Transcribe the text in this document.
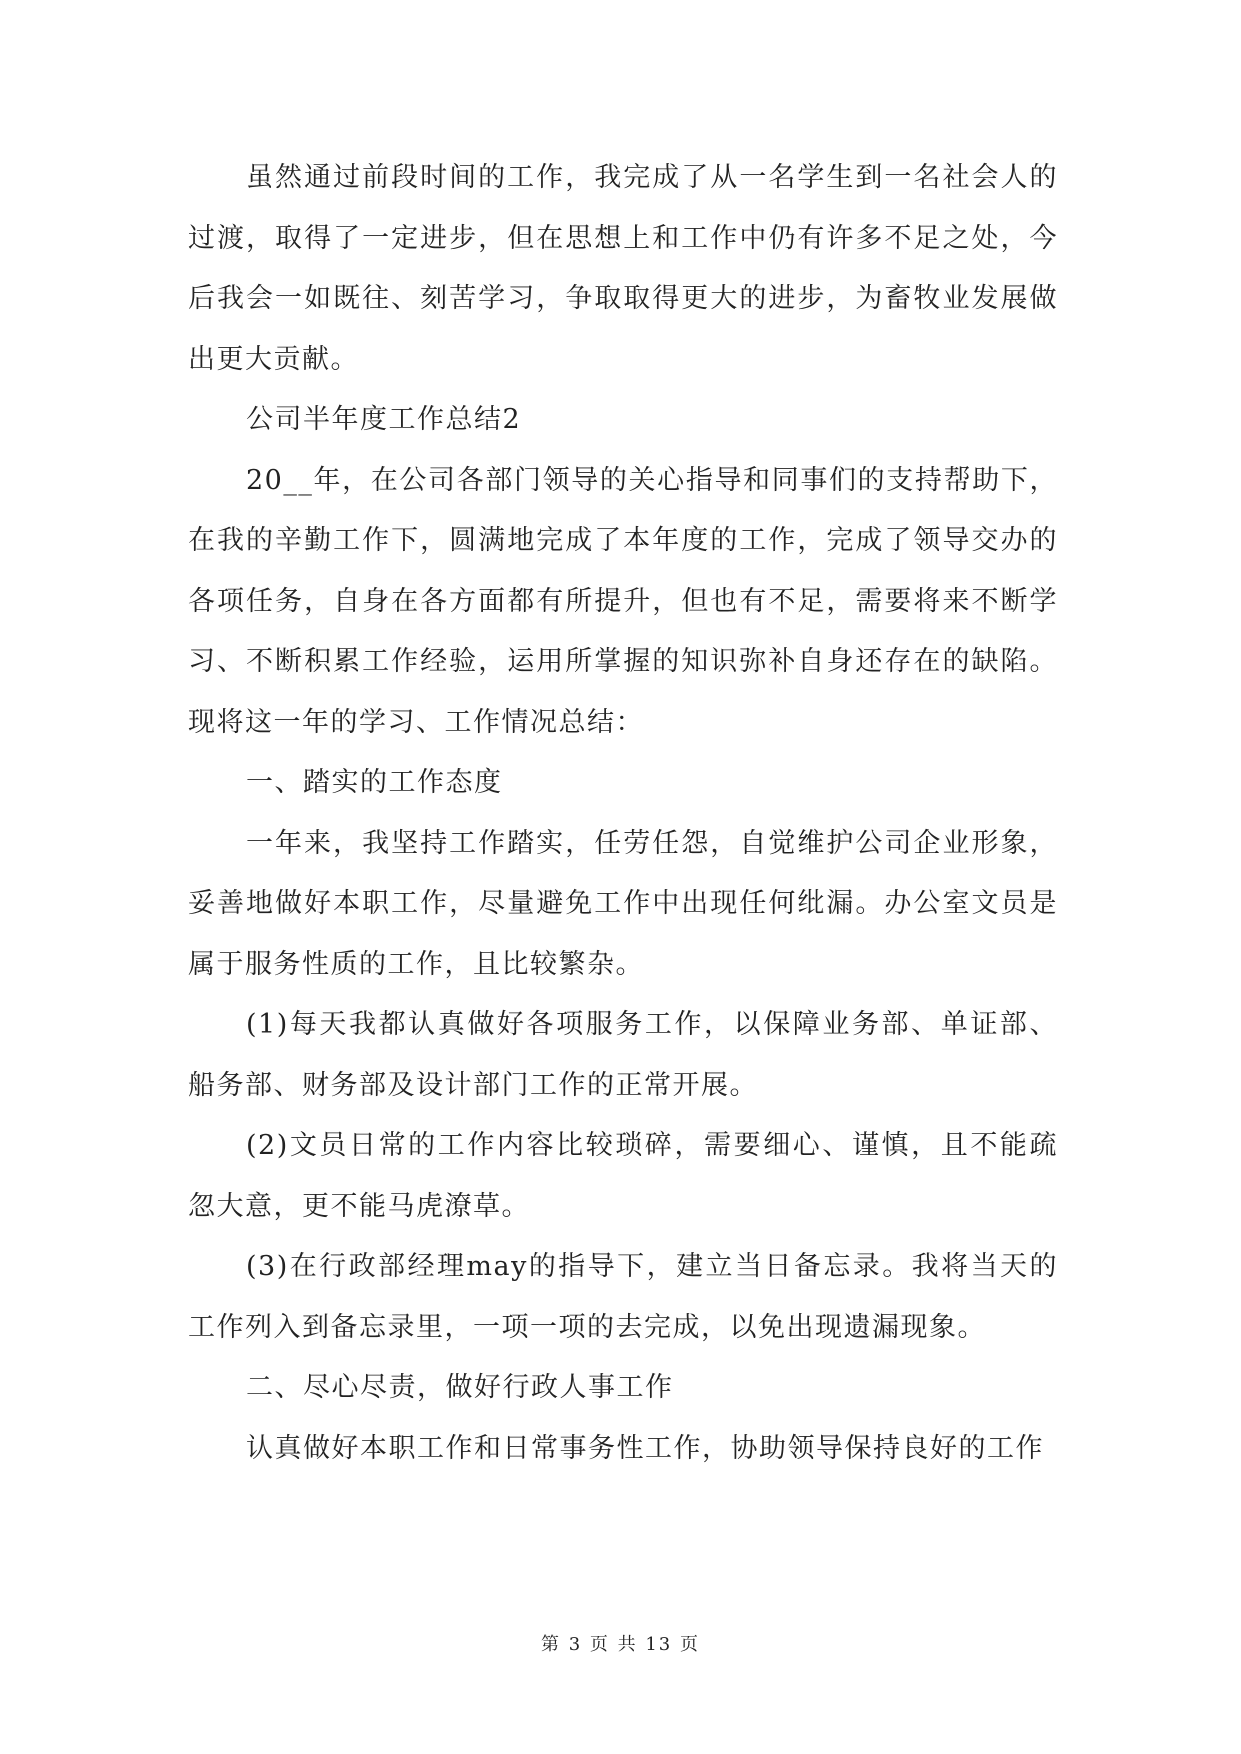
虽然通过前段时间的工作，我完成了从一名学生到一名社会人的过渡，取得了一定进步，但在思想上和工作中仍有许多不足之处，今后我会一如既往、刻苦学习，争取取得更大的进步，为畜牧业发展做出更大贡献。

公司半年度工作总结2

20__年，在公司各部门领导的关心指导和同事们的支持帮助下，在我的辛勤工作下，圆满地完成了本年度的工作，完成了领导交办的各项任务，自身在各方面都有所提升，但也有不足，需要将来不断学习、不断积累工作经验，运用所掌握的知识弥补自身还存在的缺陷。现将这一年的学习、工作情况总结：

一、踏实的工作态度

一年来，我坚持工作踏实，任劳任怨，自觉维护公司企业形象，妥善地做好本职工作，尽量避免工作中出现任何纰漏。办公室文员是属于服务性质的工作，且比较繁杂。

(1)每天我都认真做好各项服务工作，以保障业务部、单证部、船务部、财务部及设计部门工作的正常开展。

(2)文员日常的工作内容比较琐碎，需要细心、谨慎，且不能疏忽大意，更不能马虎潦草。

(3)在行政部经理may的指导下，建立当日备忘录。我将当天的工作列入到备忘录里，一项一项的去完成，以免出现遗漏现象。

二、尽心尽责，做好行政人事工作

认真做好本职工作和日常事务性工作，协助领导保持良好的工作

第 3 页 共 13 页
